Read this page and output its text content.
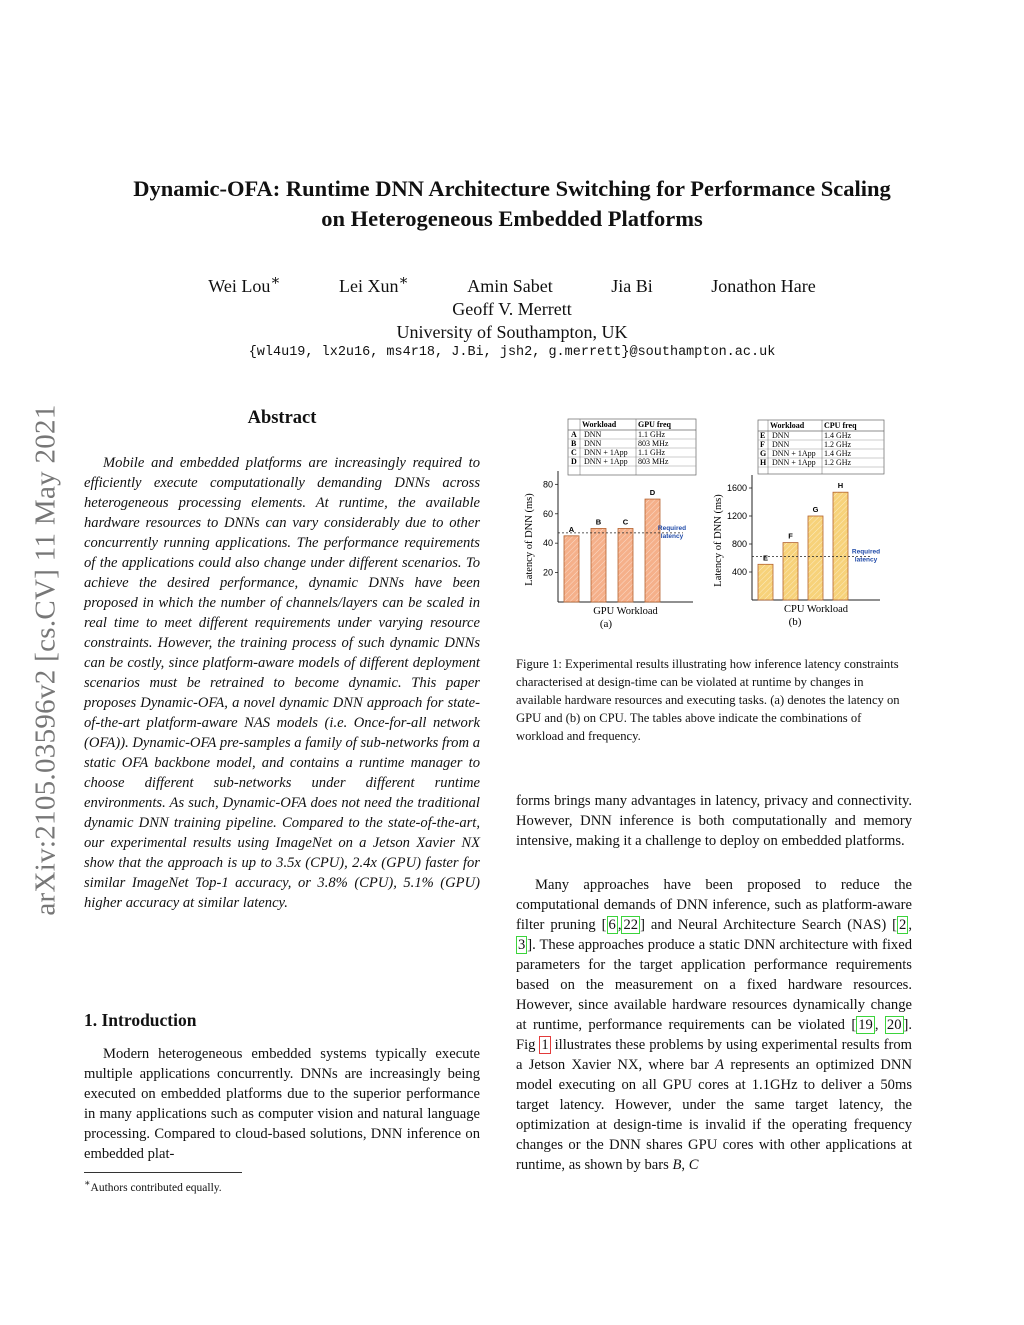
arXiv:2105.03596v2 [cs.CV] 11 May 2021
Dynamic-OFA: Runtime DNN Architecture Switching for Performance Scaling
on Heterogeneous Embedded Platforms
Wei Lou∗	Lei Xun∗	Amin Sabet	Jia Bi	Jonathon Hare
Geoff V. Merrett
University of Southampton, UK
{wl4u19, lx2u16, ms4r18, J.Bi, jsh2, g.merrett}@southampton.ac.uk
Abstract
Mobile and embedded platforms are increasingly required to efficiently execute computationally demanding DNNs across heterogeneous processing elements. At runtime, the available hardware resources to DNNs can vary considerably due to other concurrently running applications. The performance requirements of the applications could also change under different scenarios. To achieve the desired performance, dynamic DNNs have been proposed in which the number of channels/layers can be scaled in real time to meet different requirements under varying resource constraints. However, the training process of such dynamic DNNs can be costly, since platform-aware models of different deployment scenarios must be retrained to become dynamic. This paper proposes Dynamic-OFA, a novel dynamic DNN approach for state-of-the-art platform-aware NAS models (i.e. Once-for-all network (OFA)). Dynamic-OFA pre-samples a family of sub-networks from a static OFA backbone model, and contains a runtime manager to choose different sub-networks under different runtime environments. As such, Dynamic-OFA does not need the traditional dynamic DNN training pipeline. Compared to the state-of-the-art, our experimental results using ImageNet on a Jetson Xavier NX show that the approach is up to 3.5x (CPU), 2.4x (GPU) faster for similar ImageNet Top-1 accuracy, or 3.8% (CPU), 5.1% (GPU) higher accuracy at similar latency.
1. Introduction
Modern heterogeneous embedded systems typically execute multiple applications concurrently. DNNs are increasingly being executed on embedded platforms due to the superior performance in many applications such as computer vision and natural language processing. Compared to cloud-based solutions, DNN inference on embedded plat-
∗Authors contributed equally.
Workload	GPU freq
A DNN	1.1 GHz
B DNN	803 MHz
C DNN + 1App 1.1 GHz
D DNN + 1App 803 MHz
20
40
60
80
A
B	C
D
Required
latency
GPU Workload
Latency of DNN (ms)
Workload CPU freq
E DNN	1.4 GHz
F DNN	1.2 GHz
G DNN + 1App 1.4 GHz
H DNN + 1App 1.2 GHz
400
800
1200
1600
E
F
G
H
Required
latency
CPU Workload
Latency of DNN (ms)
(a)	(b)
Figure 1: Experimental results illustrating how inference latency constraints characterised at design-time can be violated at runtime by changes in available hardware resources and executing tasks. (a) denotes the latency on GPU and (b) on CPU. The tables above indicate the combinations of workload and frequency.
forms brings many advantages in latency, privacy and connectivity. However, DNN inference is both computationally and memory intensive, making it a challenge to deploy on embedded platforms.
Many approaches have been proposed to reduce the computational demands of DNN inference, such as platform-aware filter pruning [ 6 , 22 ] and Neural Architecture Search (NAS) [ 2 , 3 ]. These approaches produce a static DNN architecture with fixed parameters for the target application performance requirements based on the measurement on a fixed hardware resources. However, since available hardware resources dynamically change at runtime, performance requirements can be violated [ 19 , 20 ]. Fig 1 illustrates these problems by using experimental results from a Jetson Xavier NX, where bar A represents an optimized DNN model executing on all GPU cores at 1.1GHz to deliver a 50ms target latency. However, under the same target latency, the optimization at design-time is invalid if the operating frequency changes or the DNN shares GPU cores with other applications at runtime, as shown by bars B, C
